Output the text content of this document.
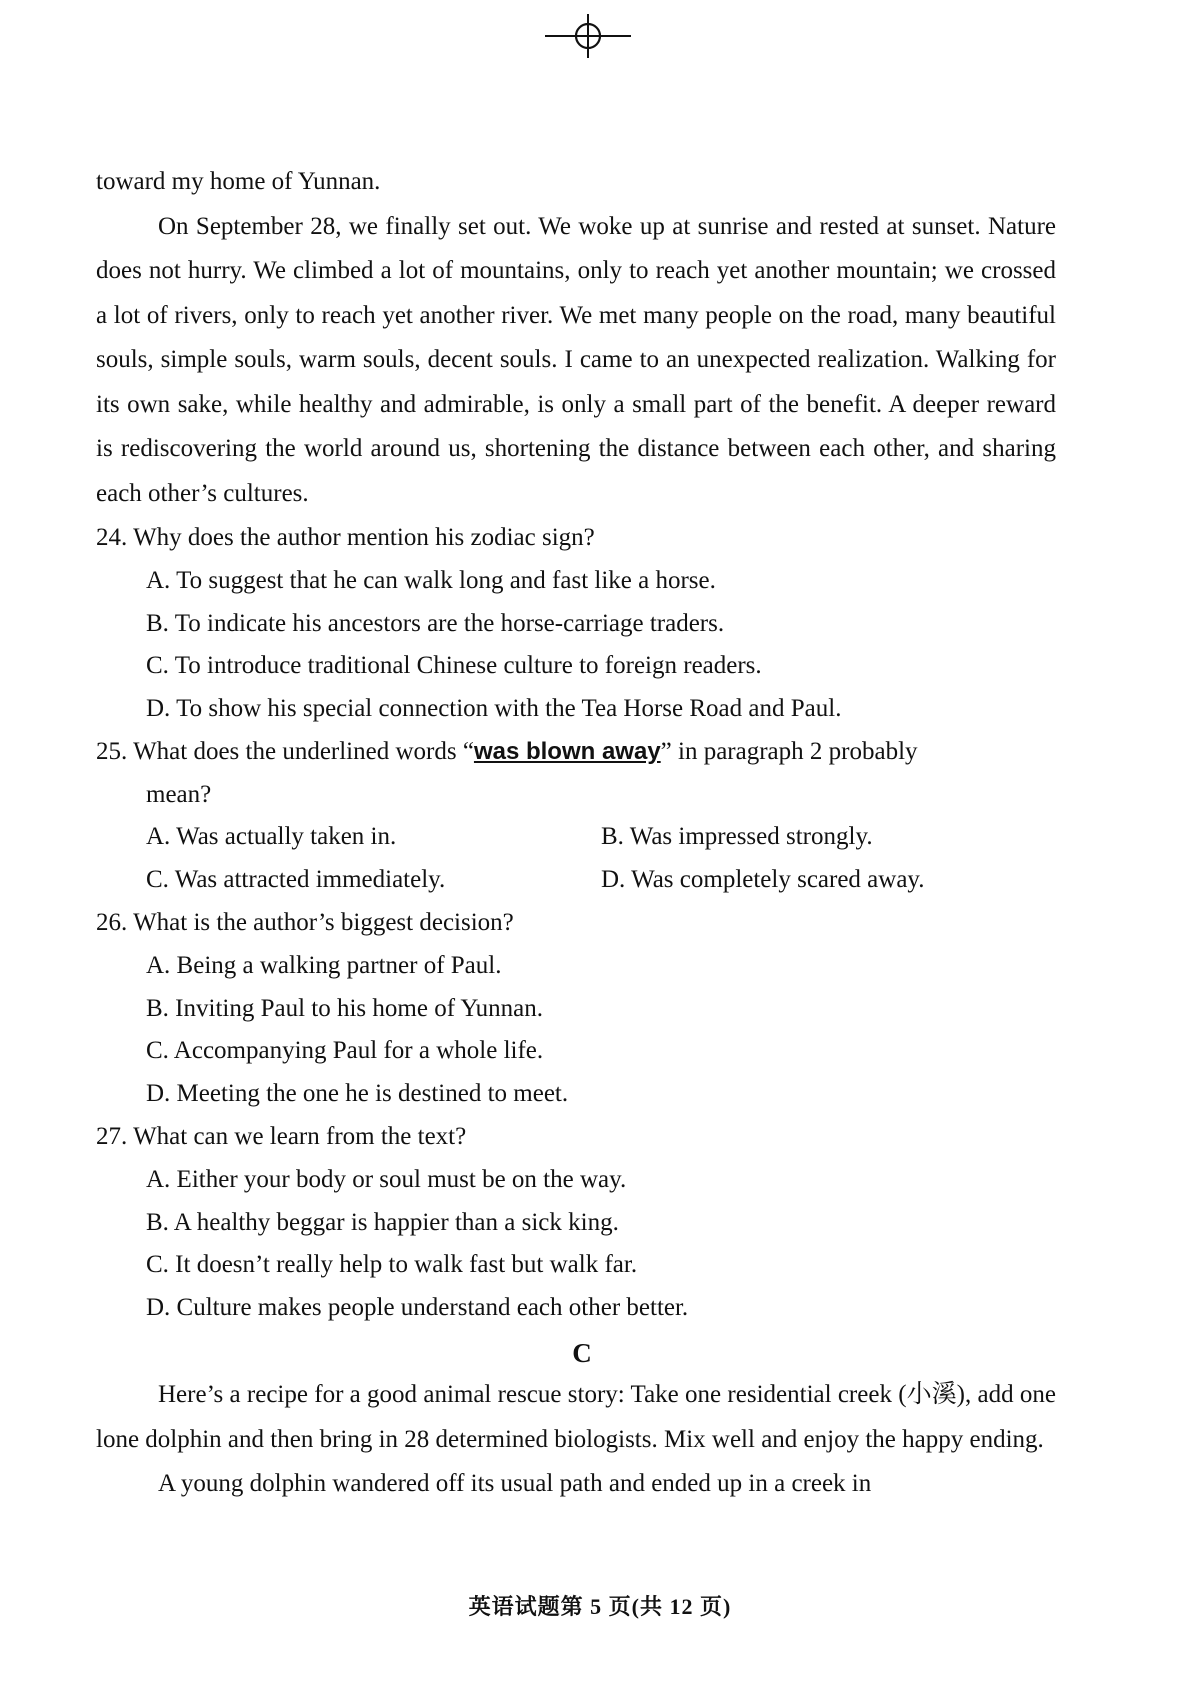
toward my home of Yunnan.

On September 28, we finally set out. We woke up at sunrise and rested at sunset. Nature does not hurry. We climbed a lot of mountains, only to reach yet another mountain; we crossed a lot of rivers, only to reach yet another river. We met many people on the road, many beautiful souls, simple souls, warm souls, decent souls. I came to an unexpected realization. Walking for its own sake, while healthy and admirable, is only a small part of the benefit. A deeper reward is rediscovering the world around us, shortening the distance between each other, and sharing each other’s cultures.

24. Why does the author mention his zodiac sign?

A. To suggest that he can walk long and fast like a horse.

B. To indicate his ancestors are the horse-carriage traders.

C. To introduce traditional Chinese culture to foreign readers.

D. To show his special connection with the Tea Horse Road and Paul.

25. What does the underlined words “was blown away” in paragraph 2 probably

mean?

A. Was actually taken in.	B. Was impressed strongly.
C. Was attracted immediately.	D. Was completely scared away.

26. What is the author’s biggest decision?

A. Being a walking partner of Paul.

B. Inviting Paul to his home of Yunnan.

C. Accompanying Paul for a whole life.

D. Meeting the one he is destined to meet.

27. What can we learn from the text?

A. Either your body or soul must be on the way.

B. A healthy beggar is happier than a sick king.

C. It doesn’t really help to walk fast but walk far.

D. Culture makes people understand each other better.

C

Here’s a recipe for a good animal rescue story: Take one residential creek (小溪), add one lone dolphin and then bring in 28 determined biologists. Mix well and enjoy the happy ending.

A young dolphin wandered off its usual path and ended up in a creek in

英语试题第 5 页(共 12 页)
